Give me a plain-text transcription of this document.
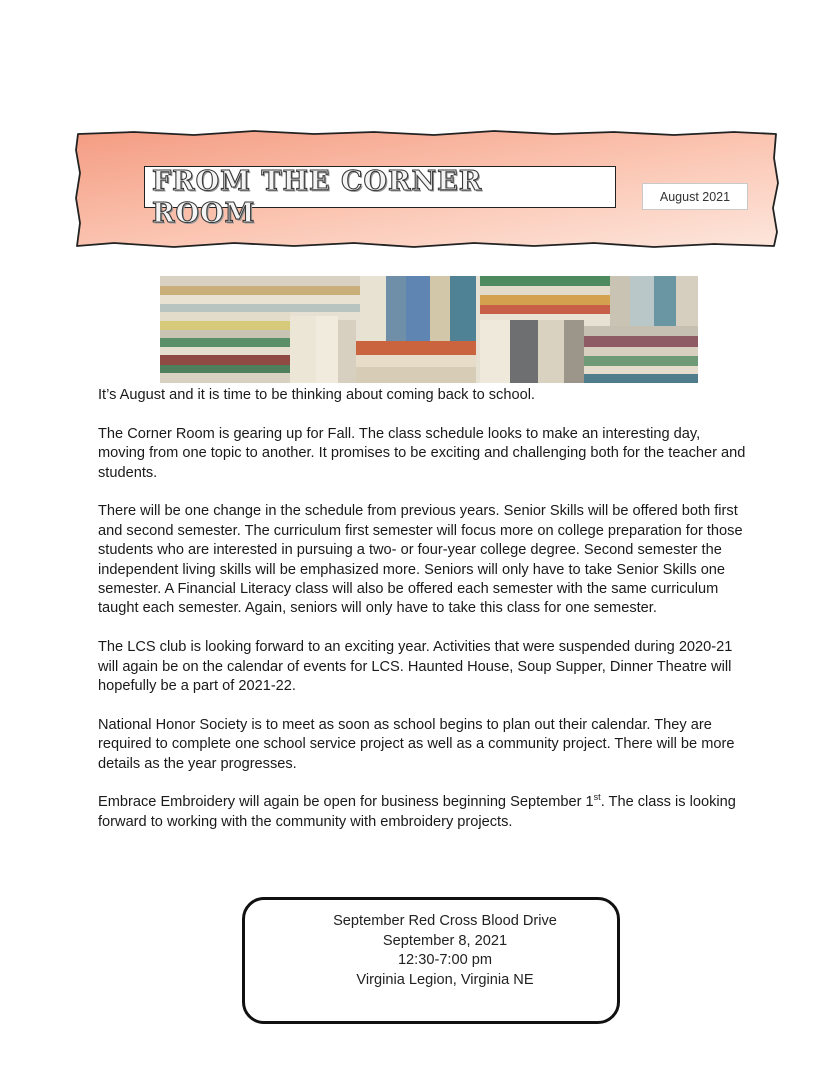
FROM THE CORNER ROOM
August 2021

It’s August and it is time to be thinking about coming back to school.

The Corner Room is gearing up for Fall. The class schedule looks to make an interesting day, moving from one topic to another. It promises to be exciting and challenging both for the teacher and students.

There will be one change in the schedule from previous years. Senior Skills will be offered both first and second semester. The curriculum first semester will focus more on college preparation for those students who are interested in pursuing a two- or four-year college degree. Second semester the independent living skills will be emphasized more. Seniors will only have to take Senior Skills one semester. A Financial Literacy class will also be offered each semester with the same curriculum taught each semester. Again, seniors will only have to take this class for one semester.

The LCS club is looking forward to an exciting year. Activities that were suspended during 2020-21 will again be on the calendar of events for LCS. Haunted House, Soup Supper, Dinner Theatre will hopefully be a part of 2021-22.

National Honor Society is to meet as soon as school begins to plan out their calendar. They are required to complete one school service project as well as a community project. There will be more details as the year progresses.

Embrace Embroidery will again be open for business beginning September 1st. The class is looking forward to working with the community with embroidery projects.

September Red Cross Blood Drive
September 8, 2021
12:30-7:00 pm
Virginia Legion, Virginia NE
